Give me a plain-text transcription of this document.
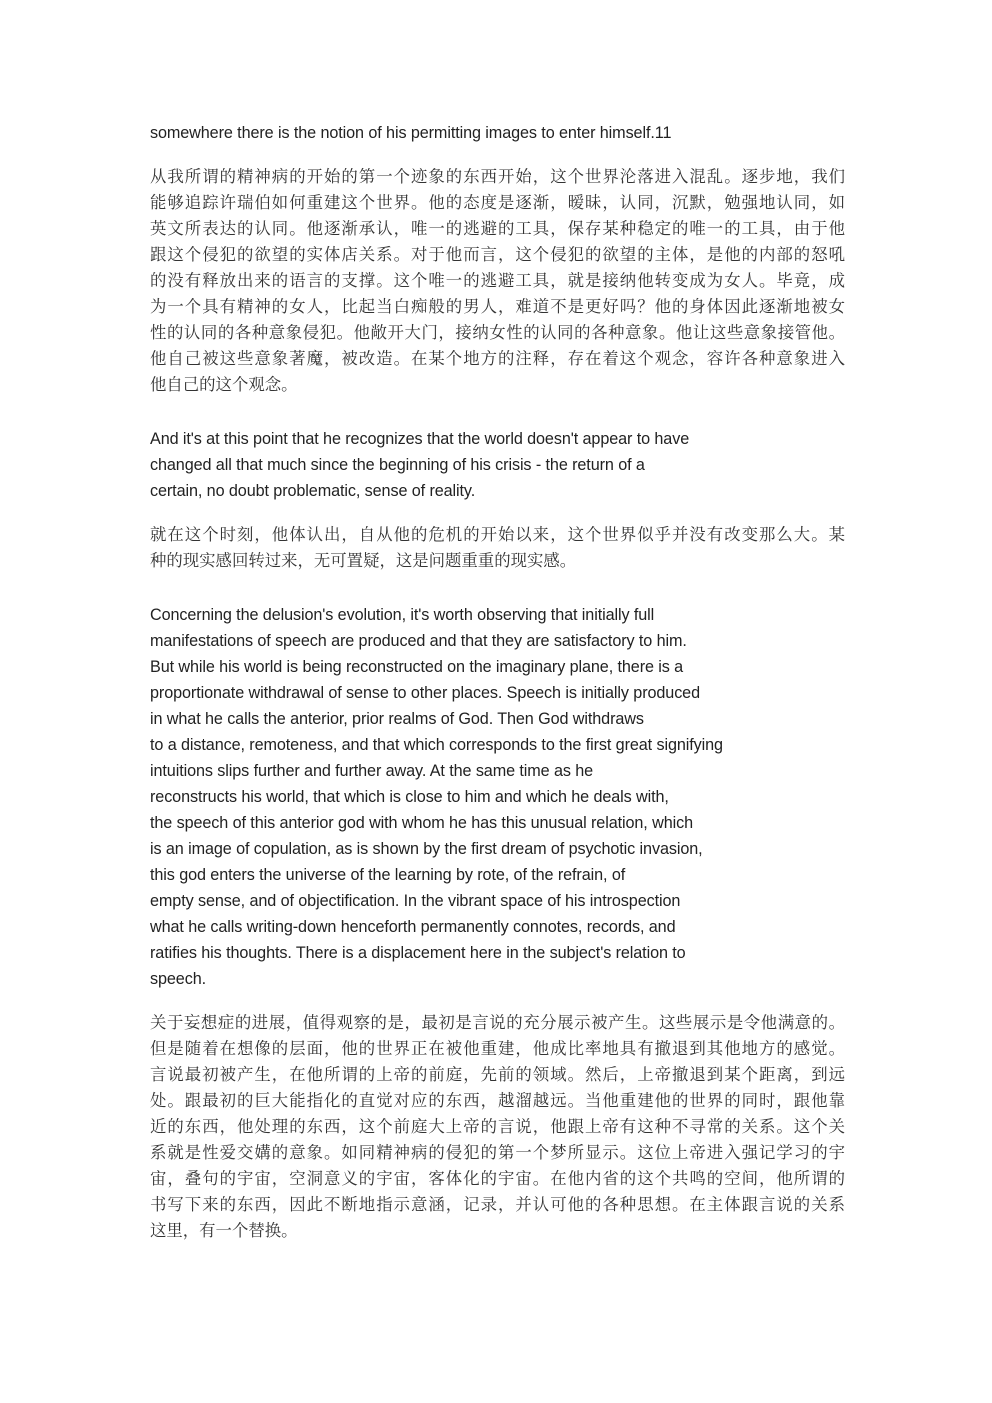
somewhere there is the notion of his permitting images to enter himself.11

从我所谓的精神病的开始的第一个迹象的东西开始，这个世界沦落进入混乱。逐步地，我们
能够追踪许瑞伯如何重建这个世界。他的态度是逐渐，暧昧，认同，沉默，勉强地认同，如
英文所表达的认同。他逐渐承认，唯一的逃避的工具，保存某种稳定的唯一的工具，由于他
跟这个侵犯的欲望的实体店关系。对于他而言，这个侵犯的欲望的主体，是他的内部的怒吼
的没有释放出来的语言的支撑。这个唯一的逃避工具，就是接纳他转变成为女人。毕竟，成
为一个具有精神的女人，比起当白痴般的男人，难道不是更好吗？他的身体因此逐渐地被女
性的认同的各种意象侵犯。他敞开大门，接纳女性的认同的各种意象。他让这些意象接管他。
他自己被这些意象著魔，被改造。在某个地方的注释，存在着这个观念，容许各种意象进入
他自己的这个观念。

And it's at this point that he recognizes that the world doesn't appear to have
changed all that much since the beginning of his crisis - the return of a
certain, no doubt problematic, sense of reality.

就在这个时刻，他体认出，自从他的危机的开始以来，这个世界似乎并没有改变那么大。某
种的现实感回转过来，无可置疑，这是问题重重的现实感。

Concerning the delusion's evolution, it's worth observing that initially full
manifestations of speech are produced and that they are satisfactory to him.
But while his world is being reconstructed on the imaginary plane, there is a
proportionate withdrawal of sense to other places. Speech is initially produced
in what he calls the anterior, prior realms of God. Then God withdraws
to a distance, remoteness, and that which corresponds to the first great signifying
intuitions slips further and further away. At the same time as he
reconstructs his world, that which is close to him and which he deals with,
the speech of this anterior god with whom he has this unusual relation, which
is an image of copulation, as is shown by the first dream of psychotic invasion,
this god enters the universe of the learning by rote, of the refrain, of
empty sense, and of objectification. In the vibrant space of his introspection
what he calls writing-down henceforth permanently connotes, records, and
ratifies his thoughts. There is a displacement here in the subject's relation to
speech.

关于妄想症的进展，值得观察的是，最初是言说的充分展示被产生。这些展示是令他满意的。
但是随着在想像的层面，他的世界正在被他重建，他成比率地具有撤退到其他地方的感觉。
言说最初被产生，在他所谓的上帝的前庭，先前的领域。然后，上帝撤退到某个距离，到远
处。跟最初的巨大能指化的直觉对应的东西，越溜越远。当他重建他的世界的同时，跟他靠
近的东西，他处理的东西，这个前庭大上帝的言说，他跟上帝有这种不寻常的关系。这个关
系就是性爱交媾的意象。如同精神病的侵犯的第一个梦所显示。这位上帝进入强记学习的宇
宙，叠句的宇宙，空洞意义的宇宙，客体化的宇宙。在他内省的这个共鸣的空间，他所谓的
书写下来的东西，因此不断地指示意涵，记录，并认可他的各种思想。在主体跟言说的关系
这里，有一个替换。
